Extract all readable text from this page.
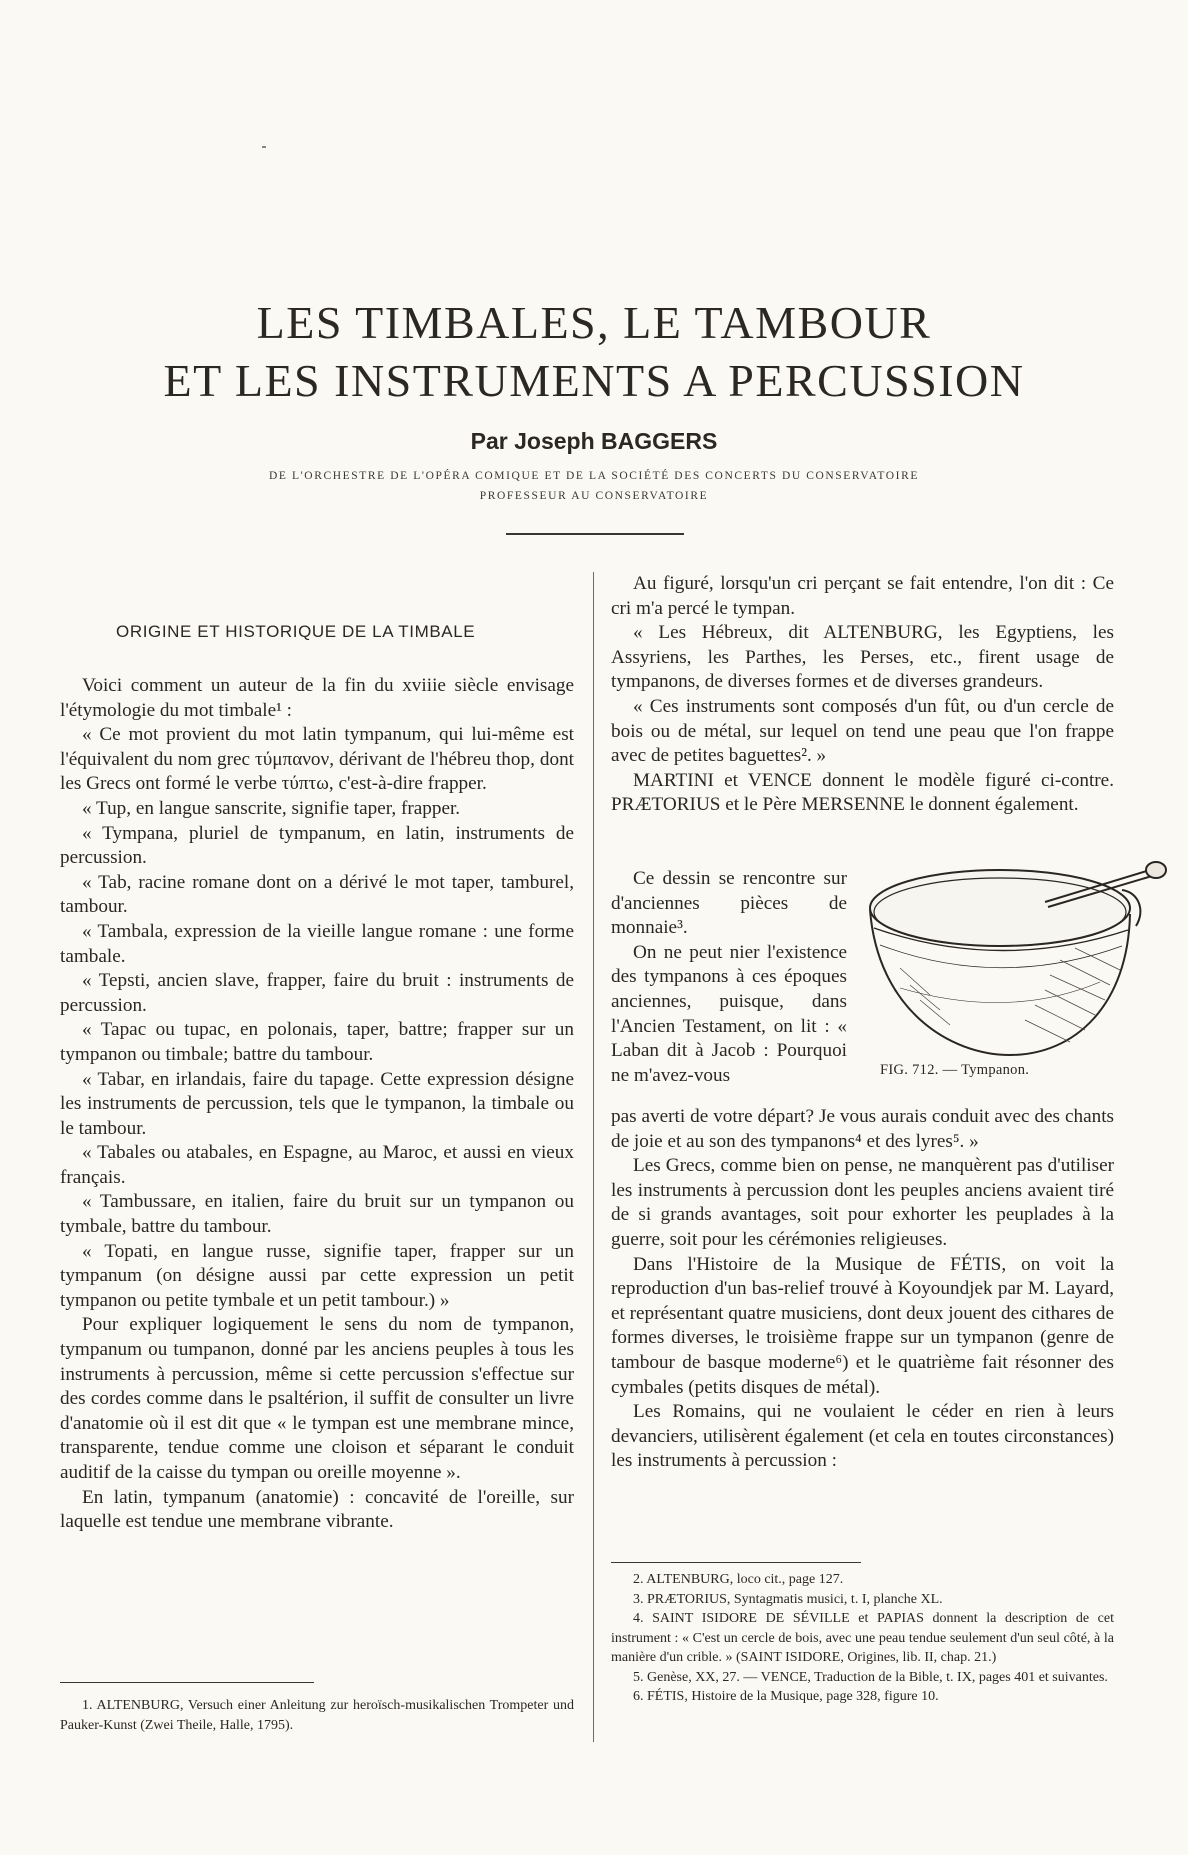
LES TIMBALES, LE TAMBOUR
ET LES INSTRUMENTS A PERCUSSION
Par Joseph BAGGERS
DE L'ORCHESTRE DE L'OPÉRA COMIQUE ET DE LA SOCIÉTÉ DES CONCERTS DU CONSERVATOIRE
PROFESSEUR AU CONSERVATOIRE
ORIGINE ET HISTORIQUE DE LA TIMBALE

Voici comment un auteur de la fin du xviiie siècle envisage l'étymologie du mot timbale¹ :

« Ce mot provient du mot latin tympanum, qui lui-même est l'équivalent du nom grec τύμπανον, dérivant de l'hébreu thop, dont les Grecs ont formé le verbe τύπτω, c'est-à-dire frapper.

« Tup, en langue sanscrite, signifie taper, frapper.

« Tympana, pluriel de tympanum, en latin, instruments de percussion.

« Tab, racine romane dont on a dérivé le mot taper, tamburel, tambour.

« Tambala, expression de la vieille langue romane : une forme tambale.

« Tepsti, ancien slave, frapper, faire du bruit : instruments de percussion.

« Tapac ou tupac, en polonais, taper, battre; frapper sur un tympanon ou timbale; battre du tambour.

« Tabar, en irlandais, faire du tapage. Cette expression désigne les instruments de percussion, tels que le tympanon, la timbale ou le tambour.

« Tabales ou atabales, en Espagne, au Maroc, et aussi en vieux français.

« Tambussare, en italien, faire du bruit sur un tympanon ou tymbale, battre du tambour.

« Topati, en langue russe, signifie taper, frapper sur un tympanum (on désigne aussi par cette expression un petit tympanon ou petite tymbale et un petit tambour.) »

Pour expliquer logiquement le sens du nom de tympanon, tympanum ou tumpanon, donné par les anciens peuples à tous les instruments à percussion, même si cette percussion s'effectue sur des cordes comme dans le psaltérion, il suffit de consulter un livre d'anatomie où il est dit que « le tympan est une membrane mince, transparente, tendue comme une cloison et séparant le conduit auditif de la caisse du tympan ou oreille moyenne ».

En latin, tympanum (anatomie) : concavité de l'oreille, sur laquelle est tendue une membrane vibrante.

1. ALTENBURG, Versuch einer Anleitung zur heroïsch-musikalischen Trompeter und Pauker-Kunst (Zwei Theile, Halle, 1795).

Au figuré, lorsqu'un cri perçant se fait entendre, l'on dit : Ce cri m'a percé le tympan.

« Les Hébreux, dit ALTENBURG, les Egyptiens, les Assyriens, les Parthes, les Perses, etc., firent usage de tympanons, de diverses formes et de diverses grandeurs.

« Ces instruments sont composés d'un fût, ou d'un cercle de bois ou de métal, sur lequel on tend une peau que l'on frappe avec de petites baguettes². »

MARTINI et VENCE donnent le modèle figuré ci-contre. PRÆTORIUS et le Père MERSENNE le donnent également.

Ce dessin se rencontre sur d'anciennes pièces de monnaie³.

On ne peut nier l'existence des tympanons à ces époques anciennes, puisque, dans l'Ancien Testament, on lit : « Laban dit à Jacob : Pourquoi ne m'avez-vous	FIG. 712. — Tympanon.

pas averti de votre départ? Je vous aurais conduit avec des chants de joie et au son des tympanons⁴ et des lyres⁵. »

Les Grecs, comme bien on pense, ne manquèrent pas d'utiliser les instruments à percussion dont les peuples anciens avaient tiré de si grands avantages, soit pour exhorter les peuplades à la guerre, soit pour les cérémonies religieuses.

Dans l'Histoire de la Musique de FÉTIS, on voit la reproduction d'un bas-relief trouvé à Koyoundjek par M. Layard, et représentant quatre musiciens, dont deux jouent des cithares de formes diverses, le troisième frappe sur un tympanon (genre de tambour de basque moderne⁶) et le quatrième fait résonner des cymbales (petits disques de métal).

Les Romains, qui ne voulaient le céder en rien à leurs devanciers, utilisèrent également (et cela en toutes circonstances) les instruments à percussion :

2. ALTENBURG, loco cit., page 127.

3. PRÆTORIUS, Syntagmatis musici, t. I, planche XL.

4. SAINT ISIDORE DE SÉVILLE et PAPIAS donnent la description de cet instrument : « C'est un cercle de bois, avec une peau tendue seulement d'un seul côté, à la manière d'un crible. » (SAINT ISIDORE, Origines, lib. II, chap. 21.)

5. Genèse, XX, 27. — VENCE, Traduction de la Bible, t. IX, pages 401 et suivantes.

6. FÉTIS, Histoire de la Musique, page 328, figure 10.
